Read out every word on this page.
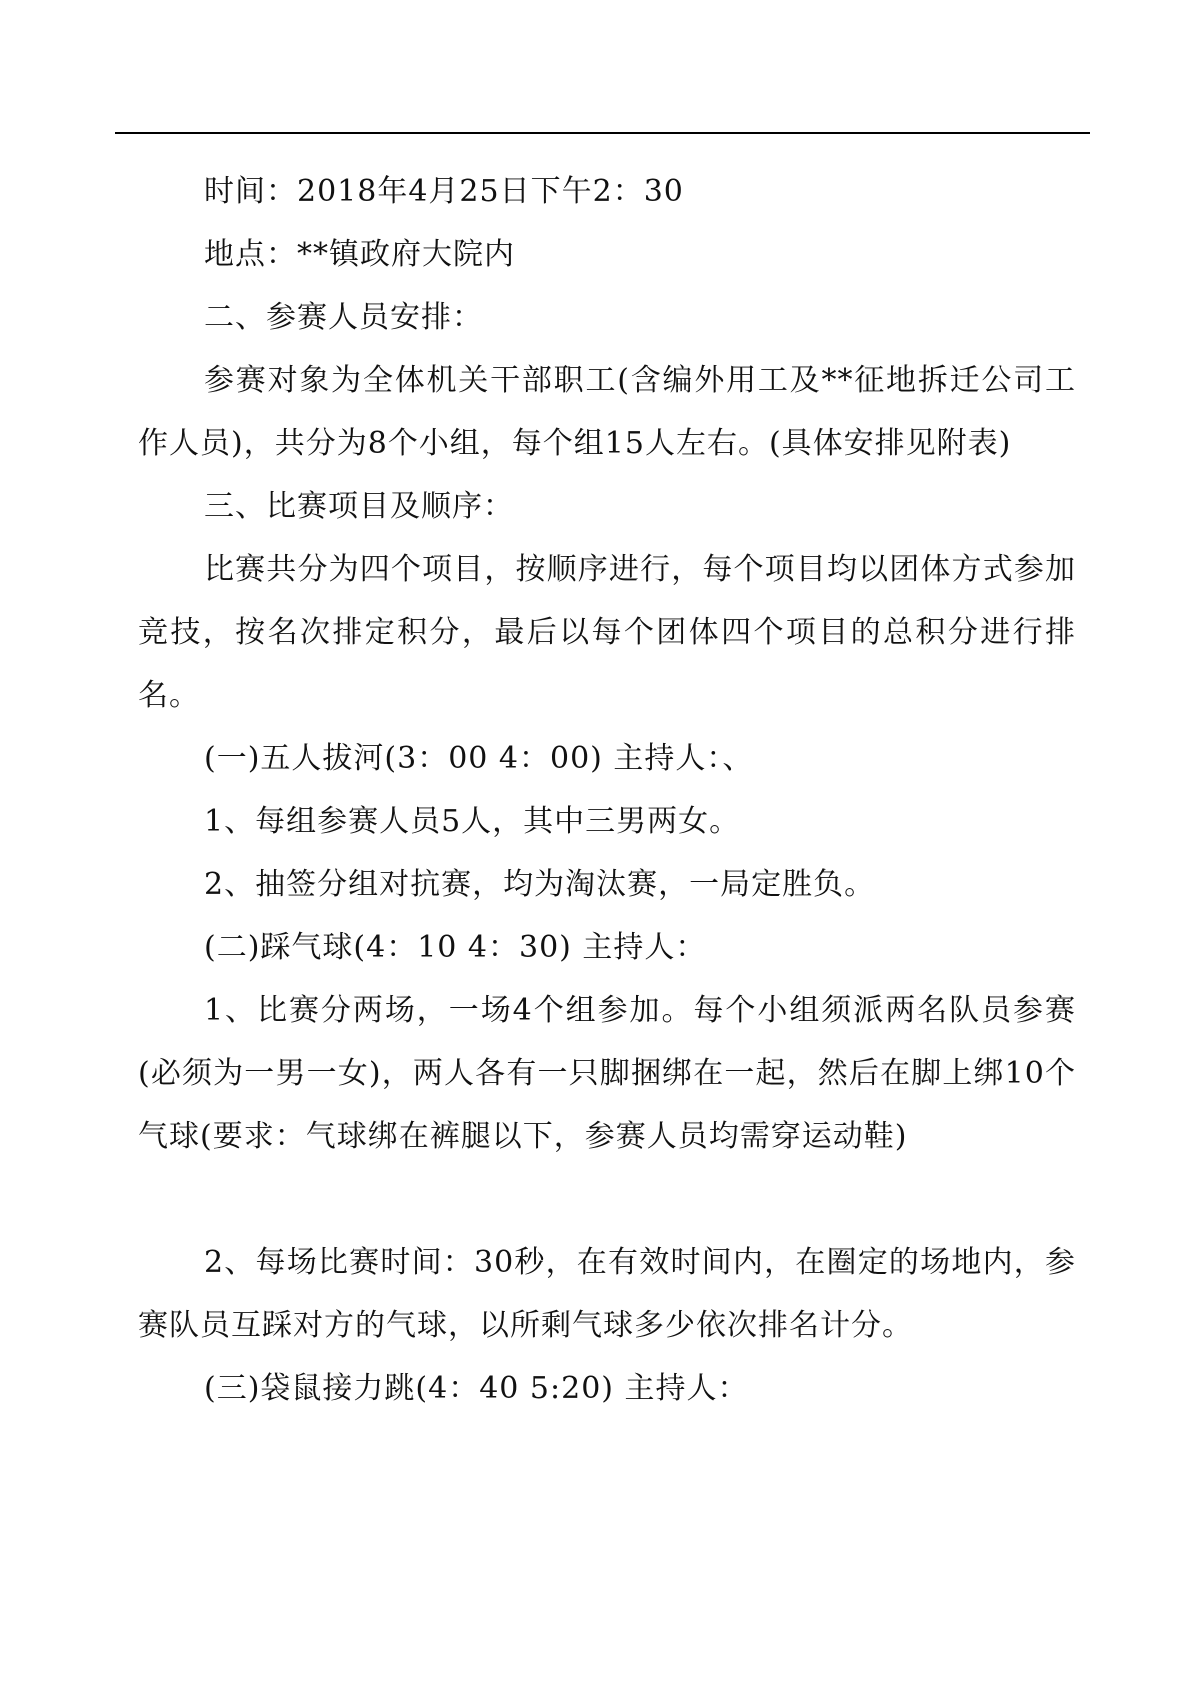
时间：2018年4月25日下午2：30

地点：**镇政府大院内

二、参赛人员安排：

参赛对象为全体机关干部职工(含编外用工及**征地拆迁公司工作人员)，共分为8个小组，每个组15人左右。(具体安排见附表)

三、比赛项目及顺序：

比赛共分为四个项目，按顺序进行，每个项目均以团体方式参加竞技，按名次排定积分，最后以每个团体四个项目的总积分进行排名。

(一)五人拔河(3：00 4：00) 主持人：、

1、每组参赛人员5人，其中三男两女。

2、抽签分组对抗赛，均为淘汰赛，一局定胜负。

(二)踩气球(4：10 4：30) 主持人：

1、比赛分两场，一场4个组参加。每个小组须派两名队员参赛(必须为一男一女)，两人各有一只脚捆绑在一起，然后在脚上绑10个气球(要求：气球绑在裤腿以下，参赛人员均需穿运动鞋)

2、每场比赛时间：30秒，在有效时间内，在圈定的场地内，参赛队员互踩对方的气球，以所剩气球多少依次排名计分。

(三)袋鼠接力跳(4：40 5:20) 主持人：
